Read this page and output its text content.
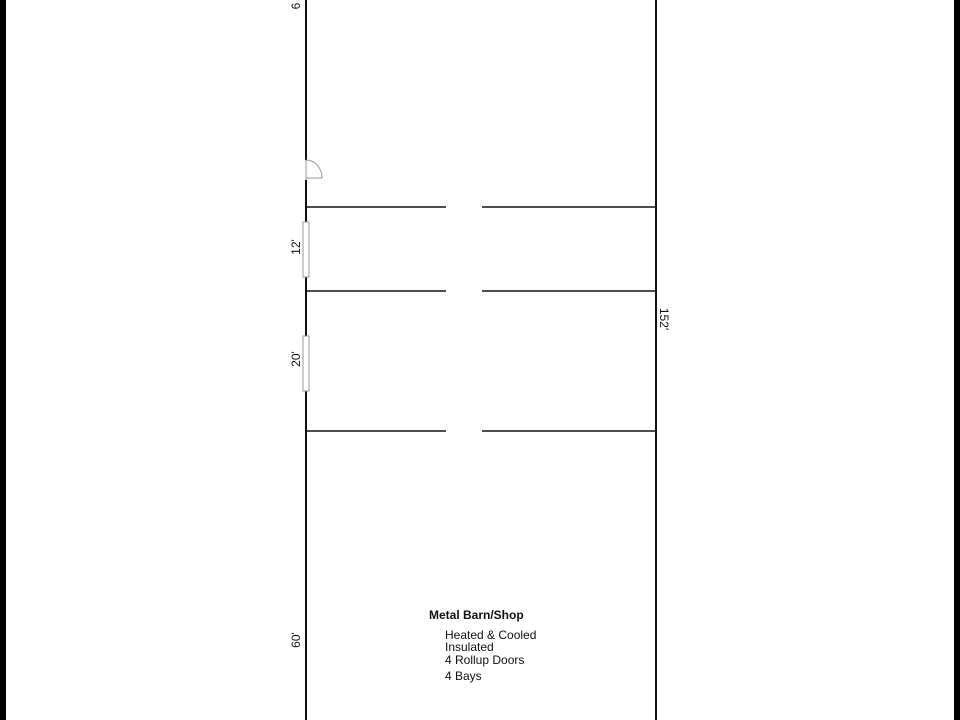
6
12'
20'
60'
152'
Metal Barn/Shop
Heated & Cooled
Insulated
4 Rollup Doors
4 Bays
